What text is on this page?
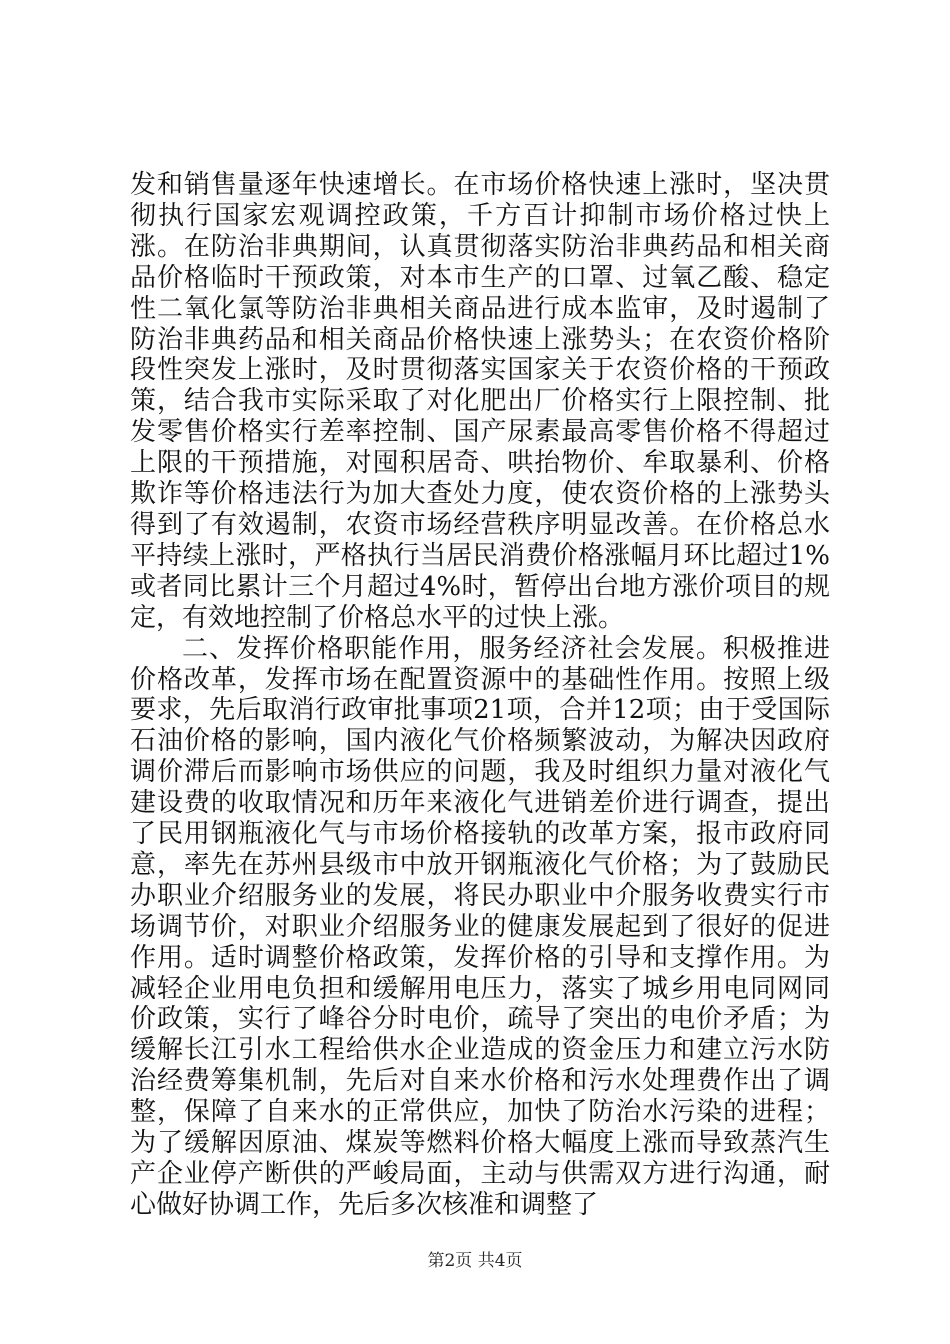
发和销售量逐年快速增长。在市场价格快速上涨时，坚决贯彻执行国家宏观调控政策，千方百计抑制市场价格过快上涨。在防治非典期间，认真贯彻落实防治非典药品和相关商品价格临时干预政策，对本市生产的口罩、过氧乙酸、稳定性二氧化氯等防治非典相关商品进行成本监审，及时遏制了防治非典药品和相关商品价格快速上涨势头；在农资价格阶段性突发上涨时，及时贯彻落实国家关于农资价格的干预政策，结合我市实际采取了对化肥出厂价格实行上限控制、批发零售价格实行差率控制、国产尿素最高零售价格不得超过上限的干预措施，对囤积居奇、哄抬物价、牟取暴利、价格欺诈等价格违法行为加大查处力度，使农资价格的上涨势头得到了有效遏制，农资市场经营秩序明显改善。在价格总水平持续上涨时，严格执行当居民消费价格涨幅月环比超过1%或者同比累计三个月超过4%时，暂停出台地方涨价项目的规定，有效地控制了价格总水平的过快上涨。

二、发挥价格职能作用，服务经济社会发展。积极推进价格改革，发挥市场在配置资源中的基础性作用。按照上级要求，先后取消行政审批事项21项，合并12项；由于受国际石油价格的影响，国内液化气价格频繁波动，为解决因政府调价滞后而影响市场供应的问题，我及时组织力量对液化气建设费的收取情况和历年来液化气进销差价进行调查，提出了民用钢瓶液化气与市场价格接轨的改革方案，报市政府同意，率先在苏州县级市中放开钢瓶液化气价格；为了鼓励民办职业介绍服务业的发展，将民办职业中介服务收费实行市场调节价，对职业介绍服务业的健康发展起到了很好的促进作用。适时调整价格政策，发挥价格的引导和支撑作用。为减轻企业用电负担和缓解用电压力，落实了城乡用电同网同价政策，实行了峰谷分时电价，疏导了突出的电价矛盾；为缓解长江引水工程给供水企业造成的资金压力和建立污水防治经费筹集机制，先后对自来水价格和污水处理费作出了调整，保障了自来水的正常供应，加快了防治水污染的进程；为了缓解因原油、煤炭等燃料价格大幅度上涨而导致蒸汽生产企业停产断供的严峻局面，主动与供需双方进行沟通，耐心做好协调工作，先后多次核准和调整了

第2页 共4页
